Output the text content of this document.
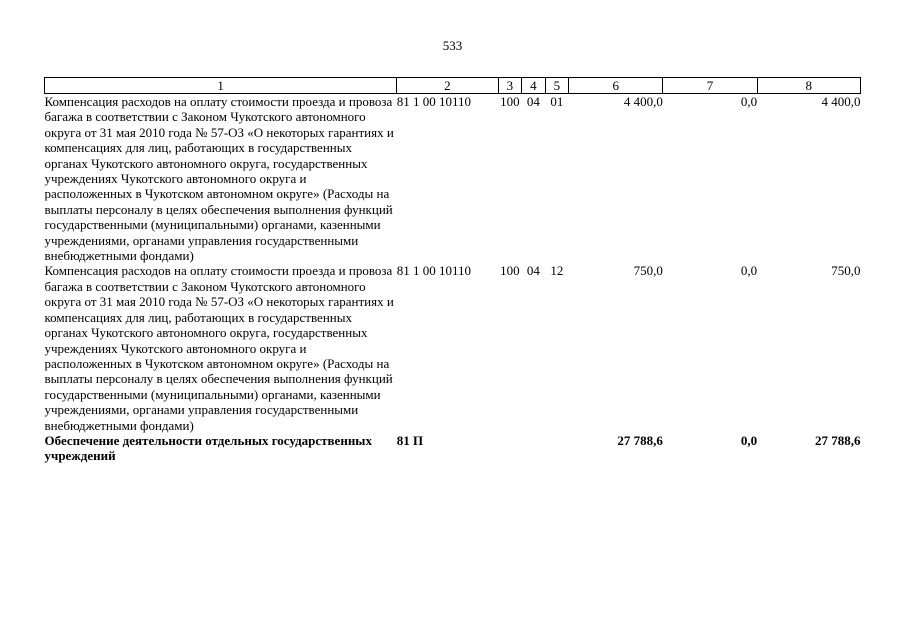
533
1	2	3	4	5	6	7	8
Компенсация расходов на оплату стоимости проезда и провоза багажа в соответствии с Законом Чукотского автономного округа от 31 мая 2010 года № 57-ОЗ «О некоторых гарантиях и компенсациях для лиц, работающих в государственных органах Чукотского автономного округа, государственных учреждениях Чукотского автономного округа и расположенных в Чукотском автономном округе» (Расходы на выплаты персоналу в целях обеспечения выполнения функций государственными (муниципальными) органами, казенными учреждениями, органами управления государственными внебюджетными фондами)	81 1 00 10110	100	04	01	4 400,0	0,0	4 400,0
Компенсация расходов на оплату стоимости проезда и провоза багажа в соответствии с Законом Чукотского автономного округа от 31 мая 2010 года № 57-ОЗ «О некоторых гарантиях и компенсациях для лиц, работающих в государственных органах Чукотского автономного округа, государственных учреждениях Чукотского автономного округа и расположенных в Чукотском автономном округе» (Расходы на выплаты персоналу в целях обеспечения выполнения функций государственными (муниципальными) органами, казенными учреждениями, органами управления государственными внебюджетными фондами)	81 1 00 10110	100	04	12	750,0	0,0	750,0
Обеспечение деятельности отдельных государственных учреждений	81 П				27 788,6	0,0	27 788,6
